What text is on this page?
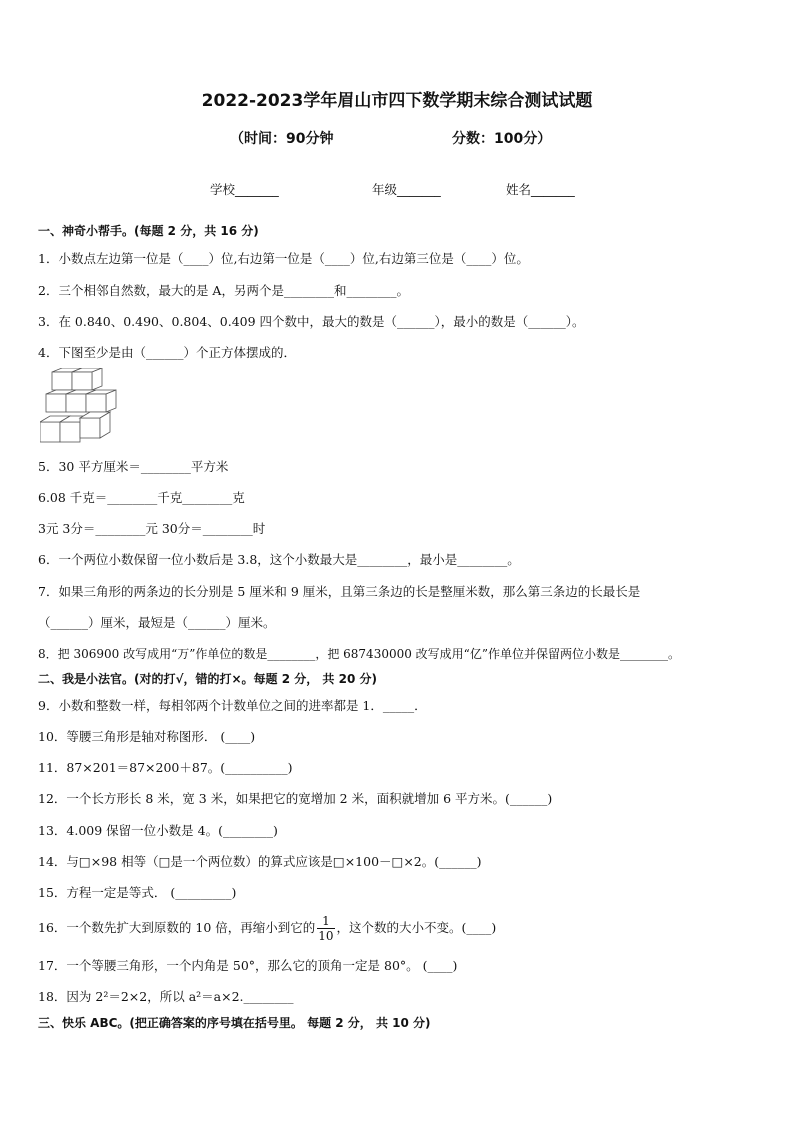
2022-2023学年眉山市四下数学期末综合测试试题
（时间：90分钟	分数：100分）
学校_______	年级_______	姓名_______
一、神奇小帮手。(每题 2 分，共 16 分)
1．小数点左边第一位是（____）位,右边第一位是（____）位,右边第三位是（____）位。
2．三个相邻自然数，最大的是 A，另两个是________和________。
3．在 0.840、0.490、0.804、0.409 四个数中，最大的数是（______），最小的数是（______）。
4．下图至少是由（______）个正方体摆成的．
5．30 平方厘米＝________平方米
6.08 千克＝________千克________克
3元 3分＝________元 30分＝________时
6．一个两位小数保留一位小数后是 3.8，这个小数最大是________，最小是________。
7．如果三角形的两条边的长分别是 5 厘米和 9 厘米，且第三条边的长是整厘米数，那么第三条边的长最长是
（______）厘米，最短是（______）厘米。
8．把 306900 改写成用“万”作单位的数是________，把 687430000 改写成用“亿”作单位并保留两位小数是________。
二、我是小法官。(对的打√，错的打×。每题 2 分， 共 20 分)
9．小数和整数一样，每相邻两个计数单位之间的进率都是 1．_____．
10．等腰三角形是轴对称图形． (____)
11．87×201＝87×200＋87。(__________)
12．一个长方形长 8 米，宽 3 米，如果把它的宽增加 2 米，面积就增加 6 平方米。(______)
13．4.009 保留一位小数是 4。(________)
14．与□×98 相等（□是一个两位数）的算式应该是□×100－□×2。(______)
15．方程一定是等式． (_________)
16．一个数先扩大到原数的 10 倍，再缩小到它的 $\frac{1}{10}$ ，这个数的大小不变。(____)
17．一个等腰三角形，一个内角是 50°，那么它的顶角一定是 80°。 (____)
18．因为 2²＝2×2，所以 a²＝a×2.________
三、快乐 ABC。(把正确答案的序号填在括号里。 每题 2 分， 共 10 分)
